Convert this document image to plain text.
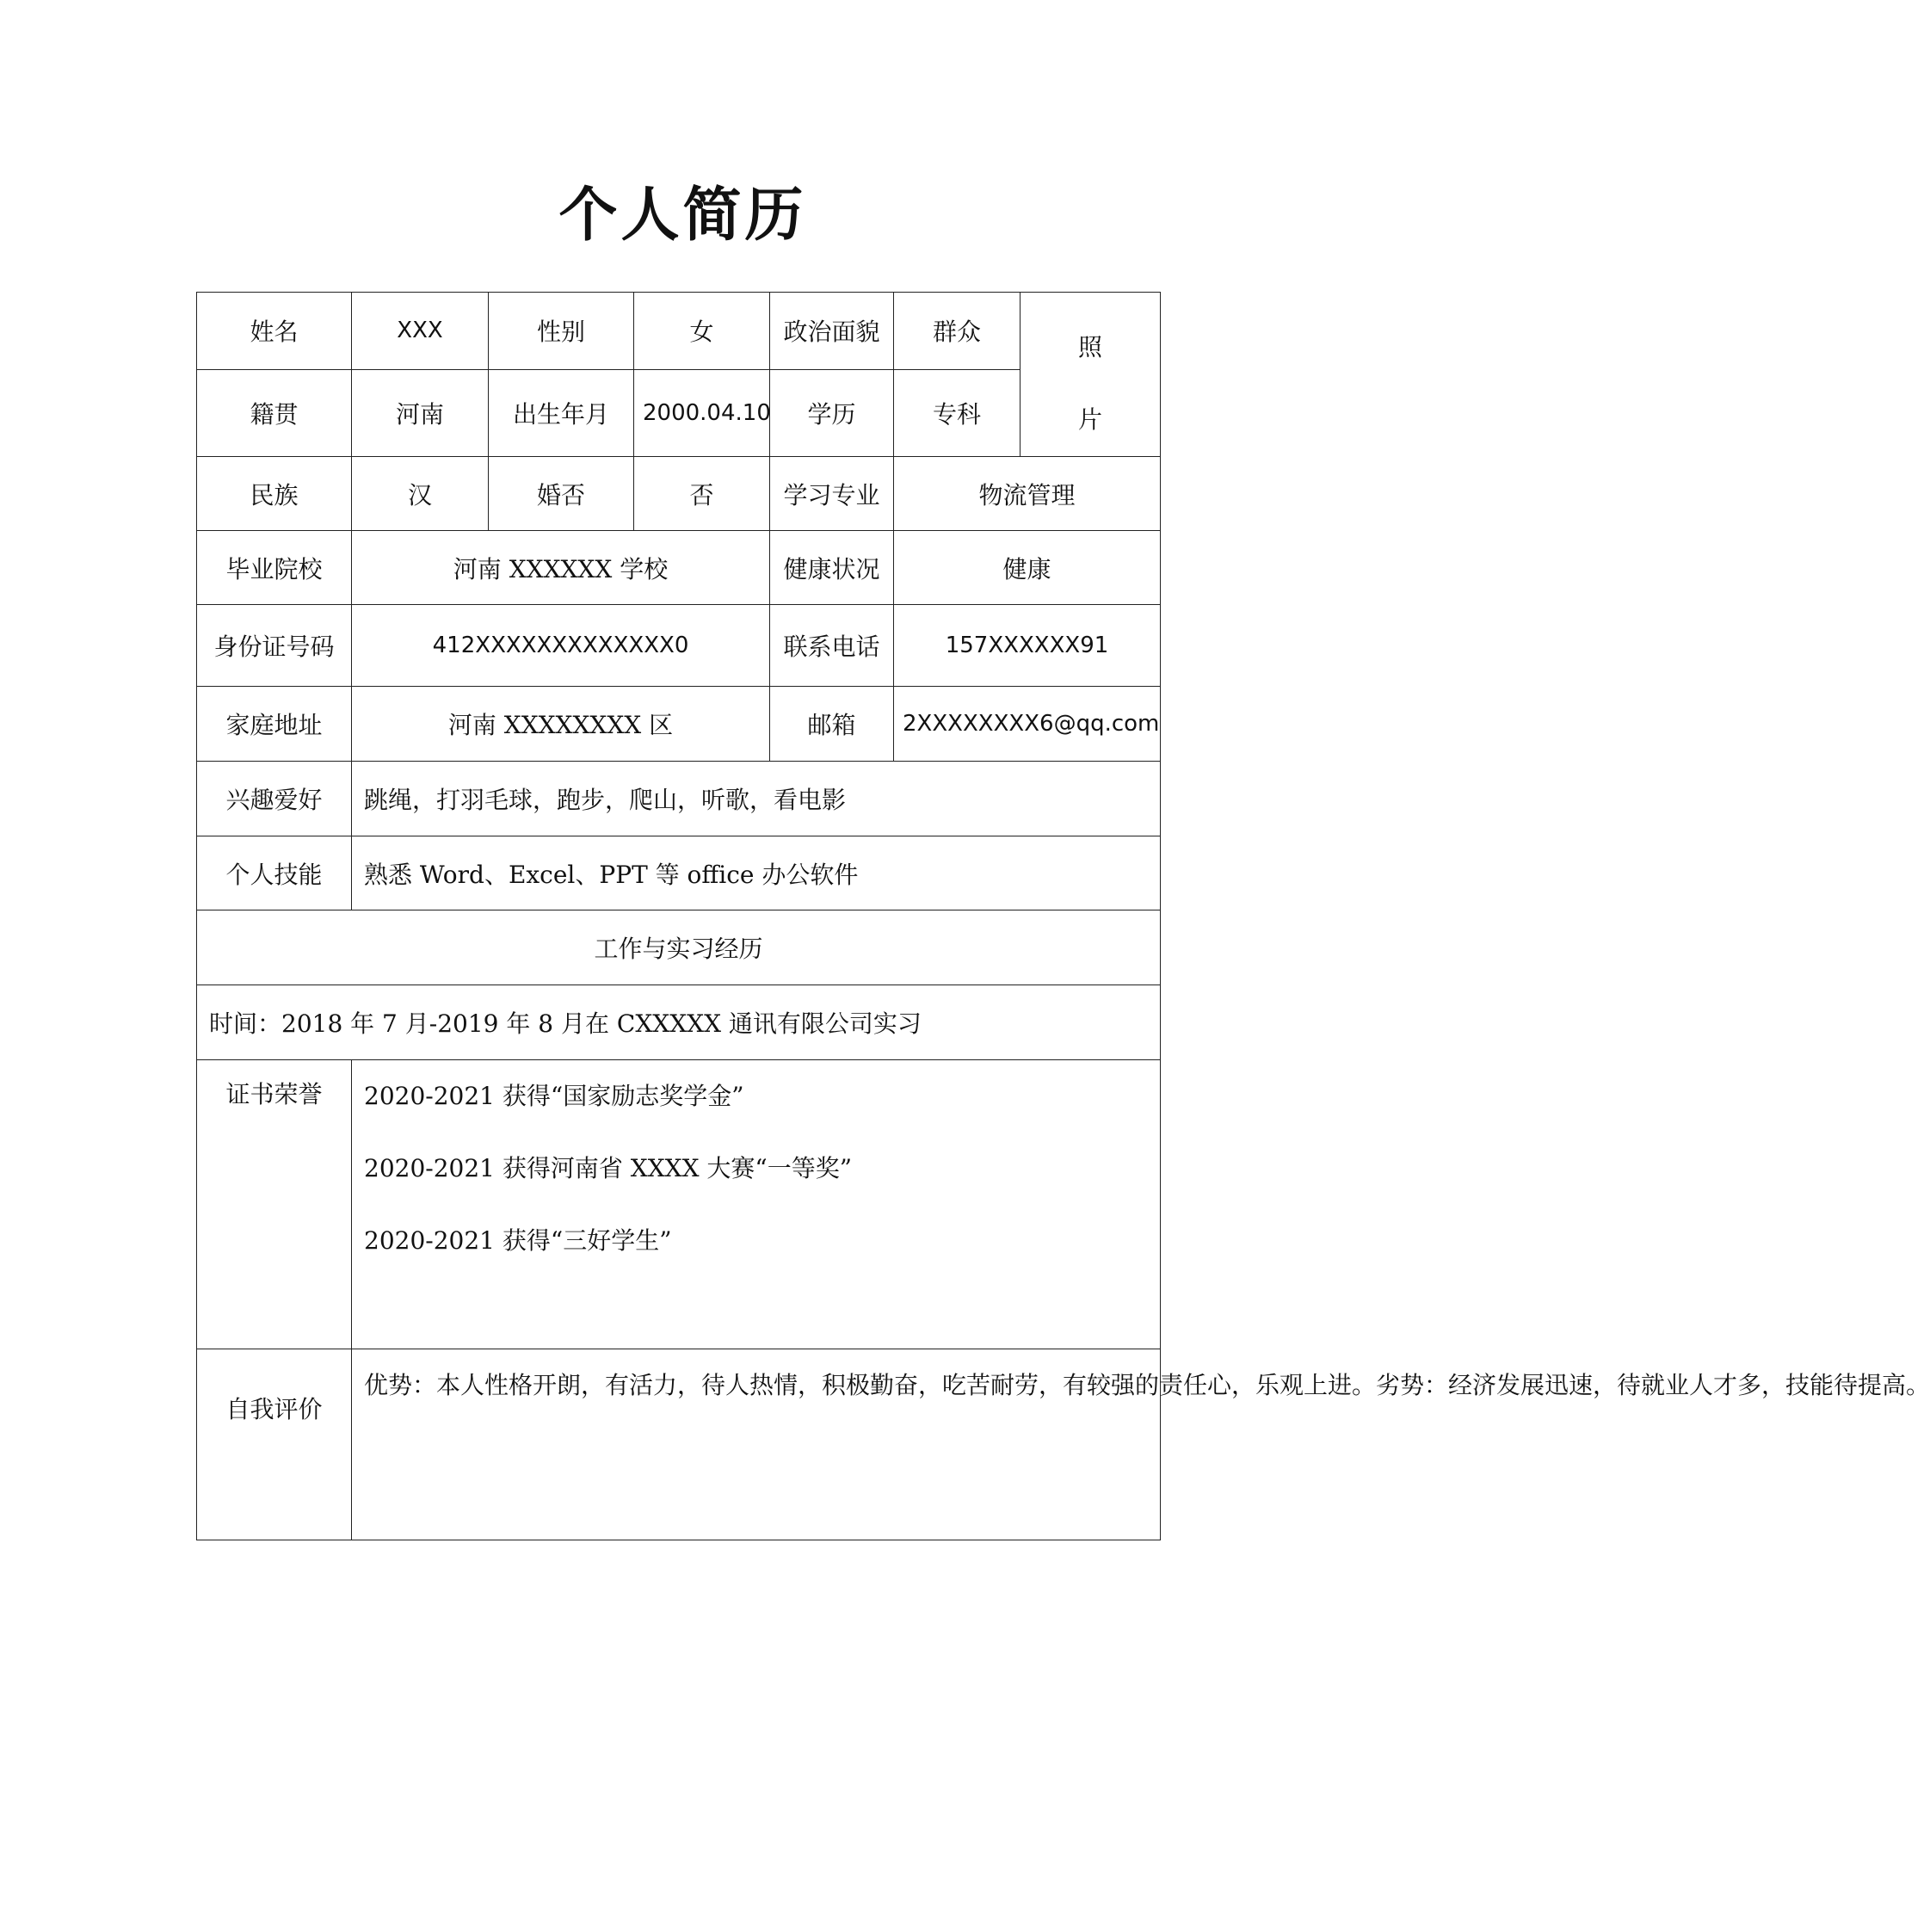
个人简历
姓名	XXX	性别	女	政治面貌	群众	照
片

籍贯	河南	出生年月	2000.04.10	学历	专科	
民族	汉	婚否	否	学习专业	物流管理	
毕业院校	河南 XXXXXX 学校			健康状况	健康	
身份证号码	412XXXXXXXXXXXXX0			联系电话	157XXXXXX91	
家庭地址	河南 XXXXXXXX 区			邮箱	2XXXXXXXX6@qq.com	
兴趣爱好	跳绳，打羽毛球，跑步，爬山，听歌，看电影					
个人技能	熟悉 Word、Excel、PPT 等 office 办公软件					
工作与实习经历						
时间：2018 年 7 月-2019 年 8 月在 CXXXXX 通讯有限公司实习						
证书荣誉	2020-2021 获得“国家励志奖学金”
2020-2021 获得河南省 XXXX 大赛“一等奖”
2020-2021 获得“三好学生”					

自我评价	优势：本人性格开朗，有活力，待人热情，积极勤奋，吃苦耐劳，有较强的责任心，乐观上进。劣势：经济发展迅速，待就业人才多，技能待提高。					
